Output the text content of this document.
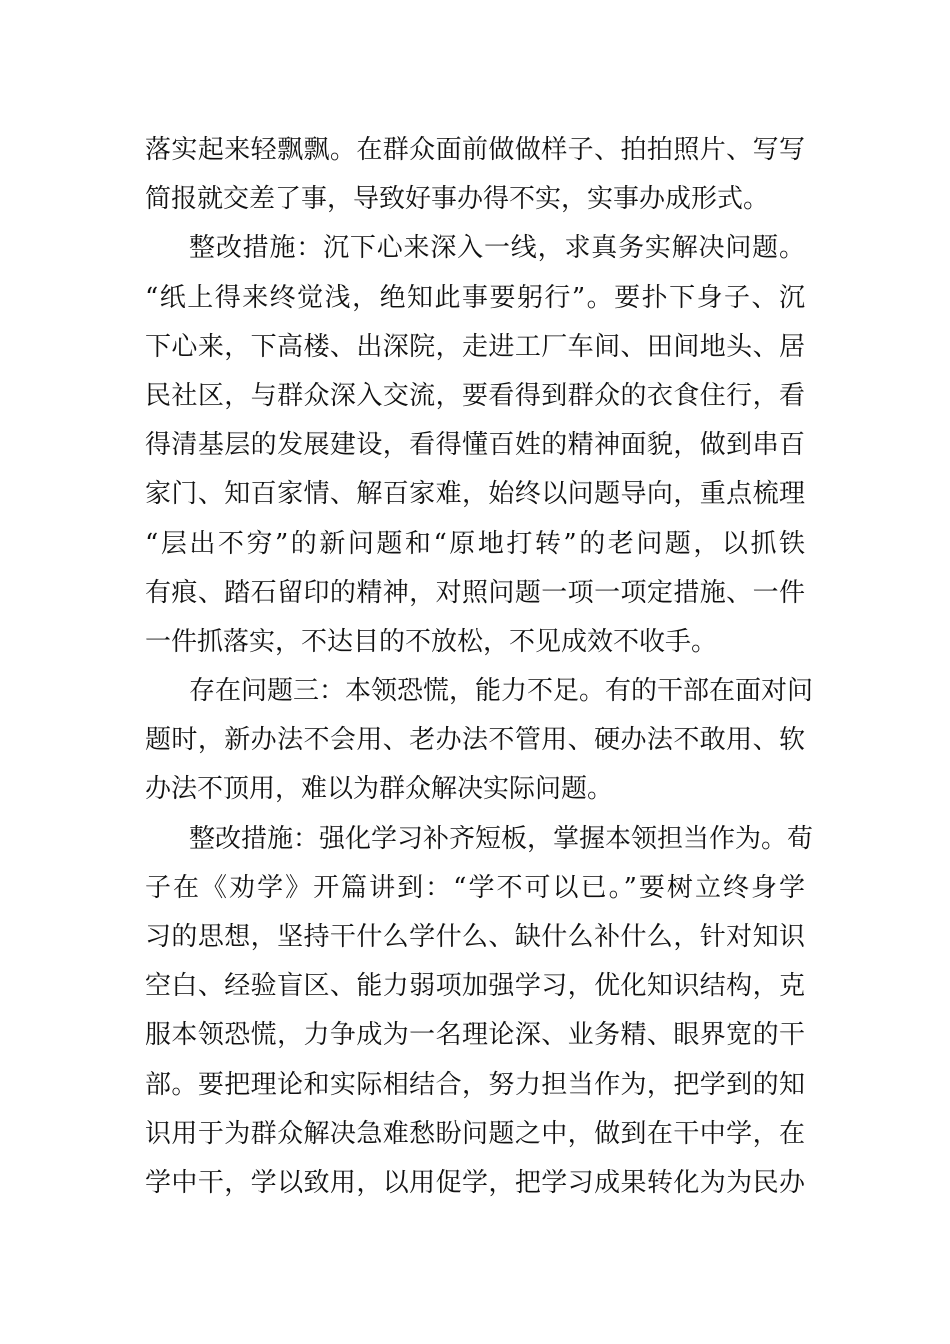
落实起来轻飘飘。在群众面前做做样子、拍拍照片、写写
简报就交差了事，导致好事办得不实，实事办成形式。
整改措施：沉下心来深入一线，求真务实解决问题。
“纸上得来终觉浅，绝知此事要躬行”。要扑下身子、沉
下心来，下高楼、出深院，走进工厂车间、田间地头、居
民社区，与群众深入交流，要看得到群众的衣食住行，看
得清基层的发展建设，看得懂百姓的精神面貌，做到串百
家门、知百家情、解百家难，始终以问题导向，重点梳理
“层出不穷”的新问题和“原地打转”的老问题，以抓铁
有痕、踏石留印的精神，对照问题一项一项定措施、一件
一件抓落实，不达目的不放松，不见成效不收手。
存在问题三：本领恐慌，能力不足。有的干部在面对问
题时，新办法不会用、老办法不管用、硬办法不敢用、软
办法不顶用，难以为群众解决实际问题。
整改措施：强化学习补齐短板，掌握本领担当作为。荀
子在《劝学》开篇讲到：“学不可以已。”要树立终身学
习的思想，坚持干什么学什么、缺什么补什么，针对知识
空白、经验盲区、能力弱项加强学习，优化知识结构，克
服本领恐慌，力争成为一名理论深、业务精、眼界宽的干
部。要把理论和实际相结合，努力担当作为，把学到的知
识用于为群众解决急难愁盼问题之中，做到在干中学，在
学中干，学以致用，以用促学，把学习成果转化为为民办
